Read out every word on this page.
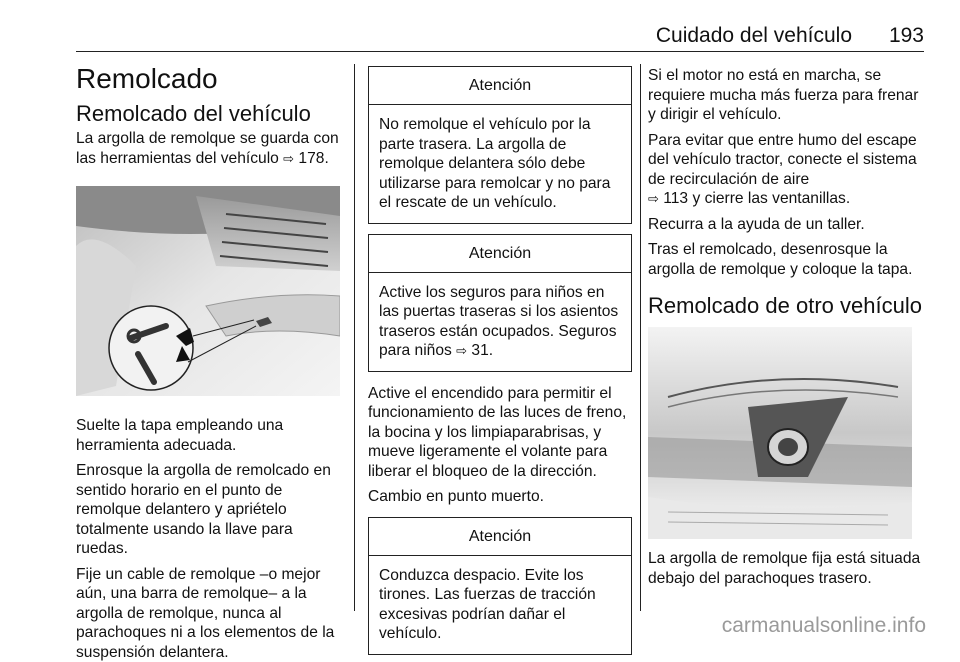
Cuidado del vehículo 193
Remolcado
Remolcado del vehículo

La argolla de remolque se guarda con las herramientas del vehículo ⇨ 178.

Suelte la tapa empleando una herramienta adecuada.

Enrosque la argolla de remolcado en sentido horario en el punto de remolque delantero y apriételo totalmente usando la llave para ruedas.

Fije un cable de remolque –o mejor aún, una barra de remolque– a la argolla de remolque, nunca al parachoques ni a los elementos de la suspensión delantera.

Atención

No remolque el vehículo por la parte trasera. La argolla de remolque delantera sólo debe utilizarse para remolcar y no para el rescate de un vehículo.

Atención

Active los seguros para niños en las puertas traseras si los asientos traseros están ocupados. Seguros para niños ⇨ 31.

Active el encendido para permitir el funcionamiento de las luces de freno, la bocina y los limpiaparabrisas, y mueve ligeramente el volante para liberar el bloqueo de la dirección.

Cambio en punto muerto.

Atención

Conduzca despacio. Evite los tirones. Las fuerzas de tracción excesivas podrían dañar el vehículo.

Si el motor no está en marcha, se requiere mucha más fuerza para frenar y dirigir el vehículo.

Para evitar que entre humo del escape del vehículo tractor, conecte el sistema de recirculación de aire
⇨ 113 y cierre las ventanillas.

Recurra a la ayuda de un taller.

Tras el remolcado, desenrosque la argolla de remolque y coloque la tapa.

Remolcado de otro vehículo

La argolla de remolque fija está situada debajo del parachoques trasero.

carmanualsonline.info
